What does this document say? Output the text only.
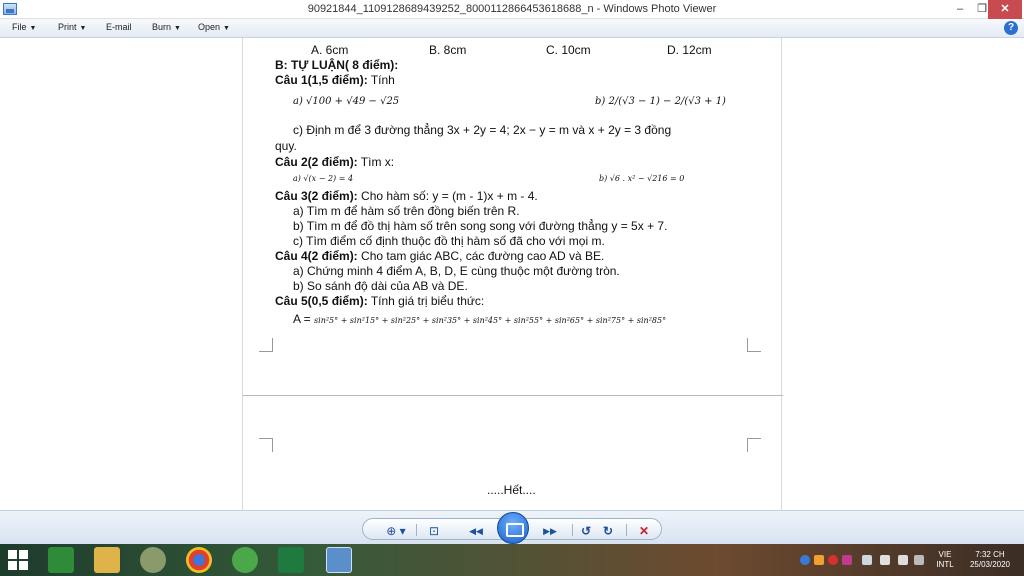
90921844_1109128689439252_8000112866453618688_n - Windows Photo Viewer	–	❐	✕
File ▼ Print ▼ E-mail Burn ▼ Open ▼	?
A. 6cm	B. 8cm	C. 10cm	D. 12cm
B: TỰ LUẬN( 8 điểm):
Câu 1(1,5 điểm): Tính
a) √100 + √49 − √25	b) 2/(√3 − 1) − 2/(√3 + 1)
c) Định m để 3 đường thẳng 3x + 2y = 4; 2x − y = m và x + 2y = 3 đồng
quy.
Câu 2(2 điểm): Tìm x:
a) √(x − 2) = 4	b) √6 . x² − √216 = 0
Câu 3(2 điểm): Cho hàm số: y = (m - 1)x + m - 4.
a) Tìm m để hàm số trên đồng biến trên R.
b) Tìm m để đồ thị hàm số trên song song với đường thẳng y = 5x + 7.
c) Tìm điểm cố định thuộc đồ thị hàm số đã cho với mọi m.
Câu 4(2 điểm): Cho tam giác ABC, các đường cao AD và BE.
a) Chứng minh 4 điểm A, B, D, E cùng thuộc một đường tròn.
b) So sánh độ dài của AB và DE.
Câu 5(0,5 điểm): Tính giá trị biểu thức:
A = sin²5° + sin²15° + sin²25° + sin²35° + sin²45° + sin²55° + sin²65° + sin²75° + sin²85°
.....Hết....
⊕ ▾	⊡	◀◀	▶▶	↺ ↻ ✕
VIE
INTL
7:32 CH
25/03/2020
